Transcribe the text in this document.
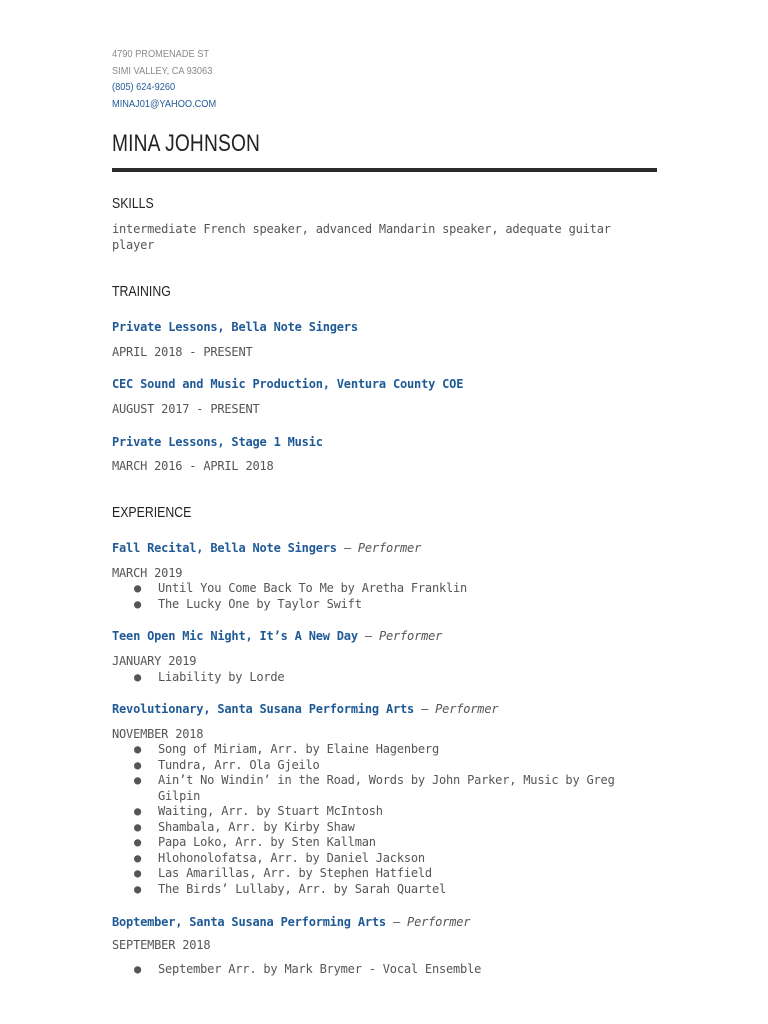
4790 PROMENADE ST
SIMI VALLEY, CA 93063
(805) 624-9260
MINAJ01@YAHOO.COM
MINA JOHNSON
SKILLS
intermediate French speaker, advanced Mandarin speaker, adequate guitar player
TRAINING
Private Lessons, Bella Note Singers
APRIL 2018 - PRESENT
CEC Sound and Music Production, Ventura County COE
AUGUST 2017 - PRESENT
Private Lessons, Stage 1 Music
MARCH 2016 - APRIL 2018
EXPERIENCE
Fall Recital, Bella Note Singers — Performer
MARCH 2019
● Until You Come Back To Me by Aretha Franklin
● The Lucky One by Taylor Swift
Teen Open Mic Night, It’s A New Day — Performer
JANUARY 2019
● Liability by Lorde
Revolutionary, Santa Susana Performing Arts — Performer
NOVEMBER 2018
● Song of Miriam, Arr. by Elaine Hagenberg
● Tundra, Arr. Ola Gjeilo
● Ain’t No Windin’ in the Road, Words by John Parker, Music by Greg Gilpin
● Waiting, Arr. by Stuart McIntosh
● Shambala, Arr. by Kirby Shaw
● Papa Loko, Arr. by Sten Kallman
● Hlohonolofatsa, Arr. by Daniel Jackson
● Las Amarillas, Arr. by Stephen Hatfield
● The Birds’ Lullaby, Arr. by Sarah Quartel
Boptember, Santa Susana Performing Arts — Performer
SEPTEMBER 2018
● September Arr. by Mark Brymer - Vocal Ensemble
